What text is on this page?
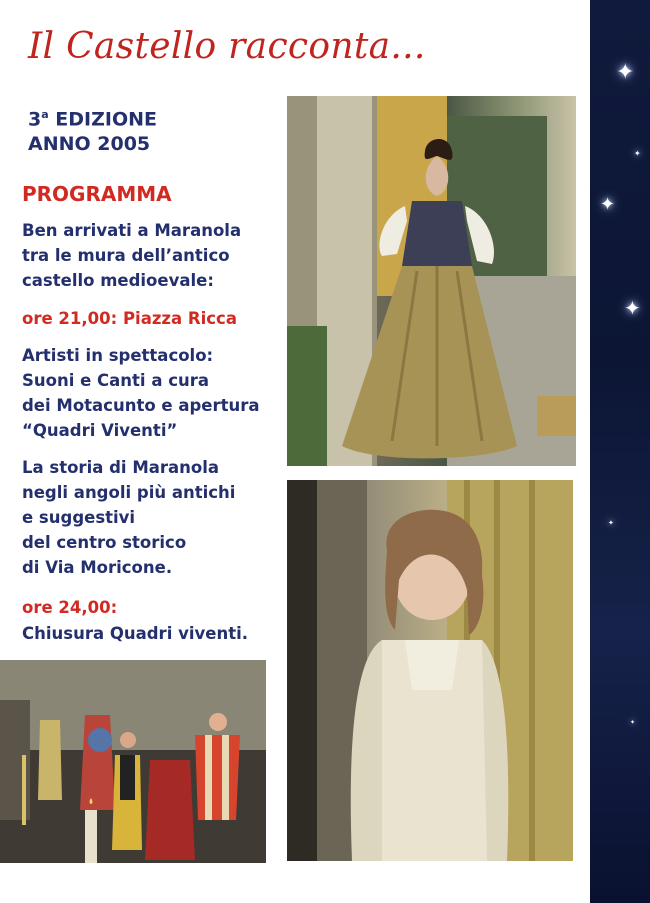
Il Castello racconta...
3$^a$ EDIZIONE
ANNO 2005
PROGRAMMA
Ben arrivati a Maranola
tra le mura dell’antico
castello medioevale:
ore 21,00: Piazza Ricca
Artisti in spettacolo:
Suoni e Canti a cura
dei Motacunto e apertura
“Quadri Viventi”
La storia di Maranola
negli angoli più antichi
e suggestivi
del centro storico
di Via Moricone.
ore 24,00:
Chiusura Quadri viventi.
✦
✦
✦
✦
✦
✦
